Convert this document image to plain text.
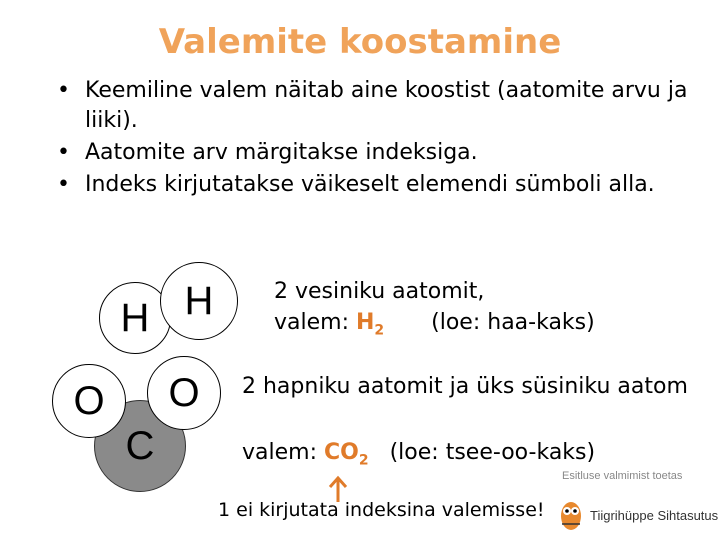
Valemite koostamine
• Keemiline valem näitab aine koostist (aatomite arvu ja liiki).
• Aatomite arv märgitakse indeksiga.
• Indeks kirjutatakse väikeselt elemendi sümboli alla.
H H	2 vesiniku aatomit,
valem: $H_2$ (loe: haa-kaks)
C
O	O	2 hapniku aatomit ja üks süsiniku aatom
valem: $CO_2$ (loe: tsee-oo-kaks)
1 ei kirjutata indeksina valemisse!
Esitluse valmimist toetas
Tiigrihüppe Sihtasutus
